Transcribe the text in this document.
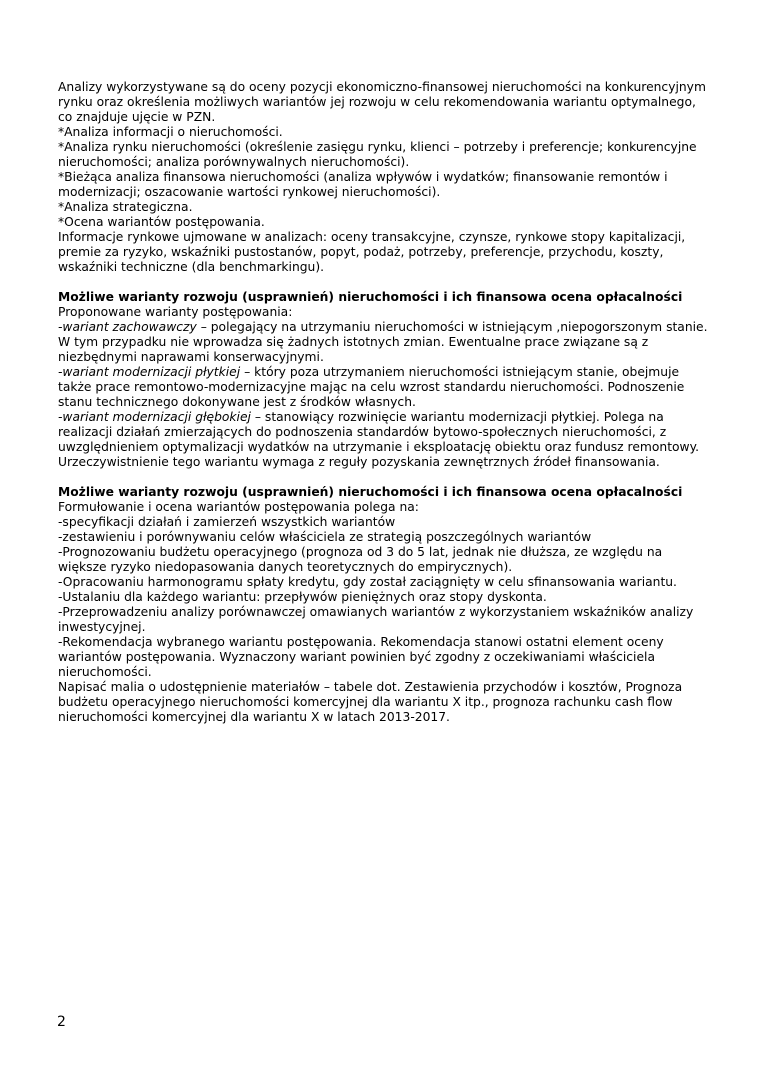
Analizy wykorzystywane są do oceny pozycji ekonomiczno-finansowej nieruchomości na konkurencyjnym rynku oraz określenia możliwych wariantów jej rozwoju w celu rekomendowania wariantu optymalnego, co znajduje ujęcie w PZN.

*Analiza informacji o nieruchomości.

*Analiza rynku nieruchomości (określenie zasięgu rynku, klienci – potrzeby i preferencje; konkurencyjne nieruchomości; analiza porównywalnych nieruchomości).

*Bieżąca analiza finansowa nieruchomości (analiza wpływów i wydatków; finansowanie remontów i modernizacji; oszacowanie wartości rynkowej nieruchomości).

*Analiza strategiczna.

*Ocena wariantów postępowania.

Informacje rynkowe ujmowane w analizach: oceny transakcyjne, czynsze, rynkowe stopy kapitalizacji, premie za ryzyko, wskaźniki pustostanów, popyt, podaż, potrzeby, preferencje, przychodu, koszty, wskaźniki techniczne (dla benchmarkingu).

Możliwe warianty rozwoju (usprawnień) nieruchomości i ich finansowa ocena opłacalności

Proponowane warianty postępowania:

-wariant zachowawczy – polegający na utrzymaniu nieruchomości w istniejącym ,niepogorszonym stanie. W tym przypadku nie wprowadza się żadnych istotnych zmian. Ewentualne prace związane są z niezbędnymi naprawami konserwacyjnymi.

-wariant modernizacji płytkiej – który poza utrzymaniem nieruchomości istniejącym stanie, obejmuje także prace remontowo-modernizacyjne mając na celu wzrost standardu nieruchomości. Podnoszenie stanu technicznego dokonywane jest z środków własnych.

-wariant modernizacji głębokiej – stanowiący rozwinięcie wariantu modernizacji płytkiej. Polega na realizacji działań zmierzających do podnoszenia standardów bytowo-społecznych nieruchomości, z uwzględnieniem optymalizacji wydatków na utrzymanie i eksploatację obiektu oraz fundusz remontowy. Urzeczywistnienie tego wariantu wymaga z reguły pozyskania zewnętrznych źródeł finansowania.

Możliwe warianty rozwoju (usprawnień) nieruchomości i ich finansowa ocena opłacalności

Formułowanie i ocena wariantów postępowania polega na:

-specyfikacji działań i zamierzeń wszystkich wariantów

-zestawieniu i porównywaniu celów właściciela ze strategią poszczególnych wariantów

-Prognozowaniu budżetu operacyjnego (prognoza od 3 do 5 lat, jednak nie dłuższa, ze względu na większe ryzyko niedopasowania danych teoretycznych do empirycznych).

-Opracowaniu harmonogramu spłaty kredytu, gdy został zaciągnięty w celu sfinansowania wariantu.

-Ustalaniu dla każdego wariantu: przepływów pieniężnych oraz stopy dyskonta.

-Przeprowadzeniu analizy porównawczej omawianych wariantów z wykorzystaniem wskaźników analizy inwestycyjnej.

-Rekomendacja wybranego wariantu postępowania. Rekomendacja stanowi ostatni element oceny wariantów postępowania. Wyznaczony wariant powinien być zgodny z oczekiwaniami właściciela nieruchomości.

Napisać malia o udostępnienie materiałów – tabele dot. Zestawienia przychodów i kosztów, Prognoza budżetu operacyjnego nieruchomości komercyjnej dla wariantu X itp., prognoza rachunku cash flow nieruchomości komercyjnej dla wariantu X w latach 2013-2017.

2
